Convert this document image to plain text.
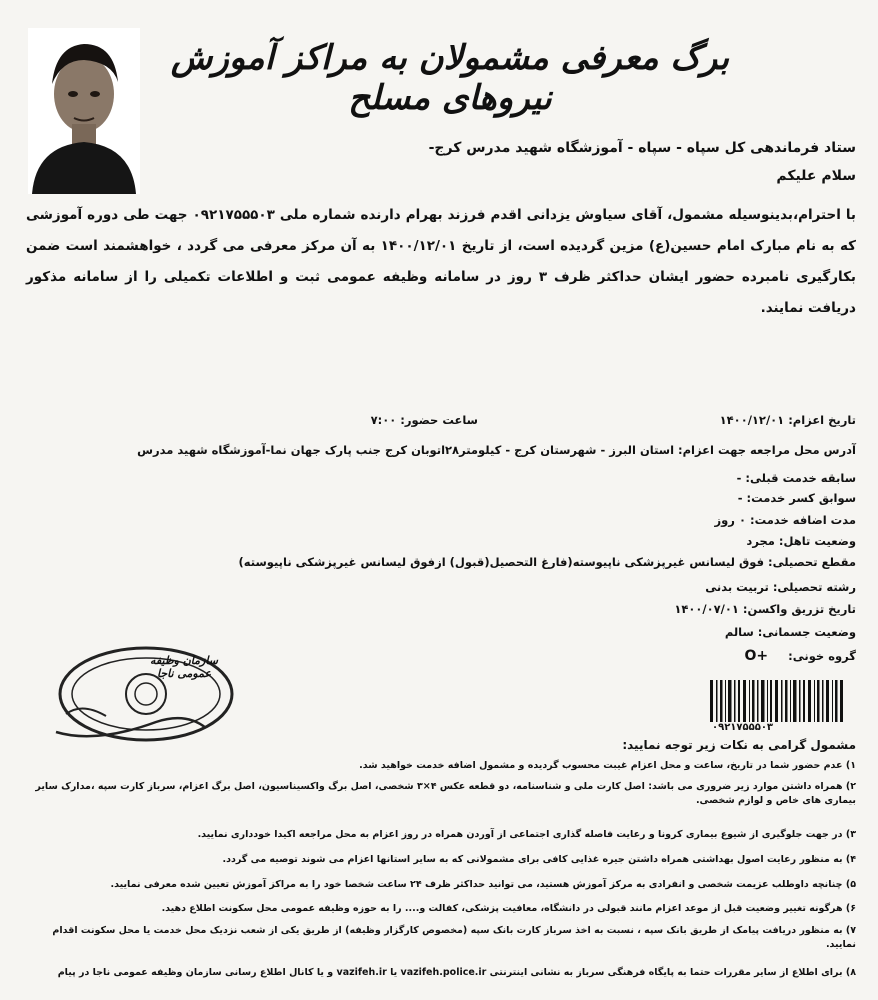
برگ معرفی مشمولان به مراکز آموزش نیروهای مسلح
ستاد فرماندهی کل سپاه - سپاه - آموزشگاه شهید مدرس کرج-
سلام علیکم
با احترام،بدینوسیله مشمول، آقای سیاوش یزدانی اقدم فرزند بهرام دارنده شماره ملی ۰۹۲۱۷۵۵۵۰۳ جهت طی دوره آموزشی که به نام مبارک امام حسین(ع) مزین گردیده است، از تاریخ ۱۴۰۰/۱۲/۰۱ به آن مرکز معرفی می گردد ، خواهشمند است ضمن بکارگیری نامبرده حضور ایشان حداکثر ظرف ۳ روز در سامانه وظیفه عمومی ثبت و اطلاعات تکمیلی را از سامانه مذکور دریافت نمایند.
تاریخ اعزام: ۱۴۰۰/۱۲/۰۱
ساعت حضور: ۷:۰۰
آدرس محل مراجعه جهت اعزام: استان البرز - شهرستان کرج - کیلومتر۲۸اتوبان کرج جنب پارک جهان نما-آموزشگاه شهید مدرس
سابقه خدمت قبلی: -
سوابق کسر خدمت: -
مدت اضافه خدمت: ۰ روز
وضعیت تاهل: مجرد
مقطع تحصیلی: فوق لیسانس غیرپزشکی ناپیوسته(فارغ التحصیل(قبول) ازفوق لیسانس غیرپزشکی ناپیوسته)
رشته تحصیلی: تربیت بدنی
تاریخ تزریق واکسن: ۱۴۰۰/۰۷/۰۱
وضعیت جسمانی: سالم
گروه خونی: O+
سازمان وظیفه عمومی ناجا
۰۹۲۱۷۵۵۵۰۳
مشمول گرامی به نکات زیر توجه نمایید:
۱) عدم حضور شما در تاریخ، ساعت و محل اعزام غیبت محسوب گردیده و مشمول اضافه خدمت خواهید شد.
۲) همراه داشتن موارد زیر ضروری می باشد: اصل کارت ملی و شناسنامه، دو قطعه عکس ۴×۳ شخصی، اصل برگ واکسیناسیون، اصل برگ اعزام، سرباز کارت سپه ،مدارک سایر بیماری های خاص و لوازم شخصی.
۳) در جهت جلوگیری از شیوع بیماری کرونا و رعایت فاصله گذاری اجتماعی از آوردن همراه در روز اعزام به محل مراجعه اکیدا خودداری نمایید.
۴) به منظور رعایت اصول بهداشتی همراه داشتن جیره غذایی کافی برای مشمولانی که به سایر استانها اعزام می شوند توصیه می گردد.
۵) چنانچه داوطلب عزیمت شخصی و انفرادی به مرکز آموزش هستید، می توانید حداکثر ظرف ۲۴ ساعت شخصا خود را به مراکز آموزش تعیین شده معرفی نمایید.
۶) هرگونه تغییر وضعیت قبل از موعد اعزام مانند قبولی در دانشگاه، معافیت پزشکی، کفالت و.... را به حوزه وظیفه عمومی محل سکونت اطلاع دهید.
۷) به منظور دریافت پیامک از طریق بانک سپه ، نسبت به اخذ سرباز کارت بانک سپه (مخصوص کارگزار وظیفه) از طریق یکی از شعب نزدیک محل خدمت یا محل سکونت اقدام نمایید.
۸) برای اطلاع از سایر مقررات حتما به پایگاه فرهنگی سرباز به نشانی اینترنتی vazifeh.police.ir یا vazifeh.ir و یا کانال اطلاع رسانی سازمان وظیفه عمومی ناجا در پیام
